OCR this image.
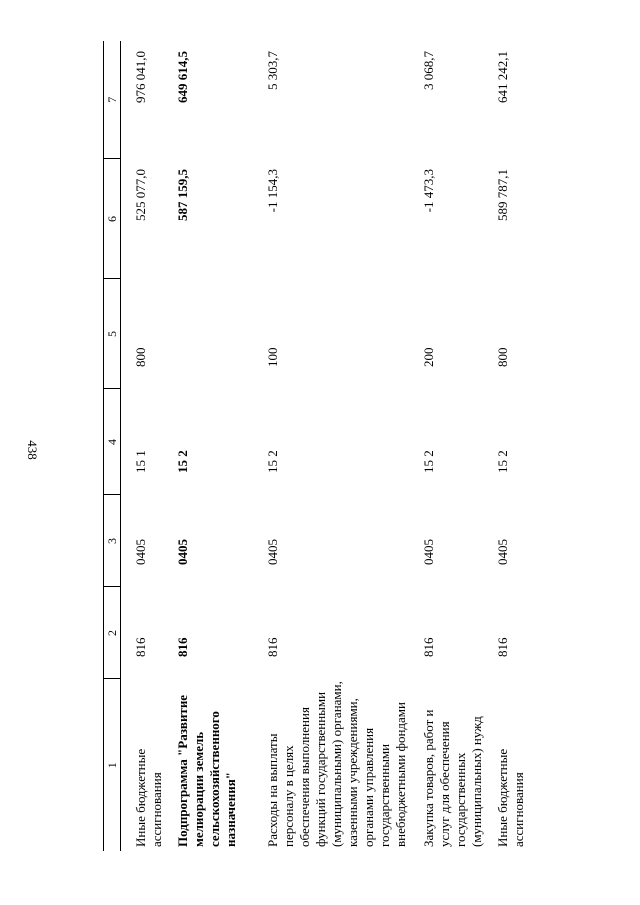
438
1	2	3	4	5	6	7
Иные бюджетные ассигнования	816	0405	15 1	800	525 077,0	976 041,0
Подпрограмма "Развитие мелиорации земель сельскохозяйственного назначения"	816	0405	15 2		587 159,5	649 614,5
Расходы на выплаты персоналу в целях обеспечения выполнения функций государственными (муниципальными) органами, казенными учреждениями, органами управления государственными внебюджетными фондами	816	0405	15 2	100	-1 154,3	5 303,7
Закупка товаров, работ и услуг для обеспечения государственных (муниципальных) нужд	816	0405	15 2	200	-1 473,3	3 068,7
Иные бюджетные ассигнования	816	0405	15 2	800	589 787,1	641 242,1
